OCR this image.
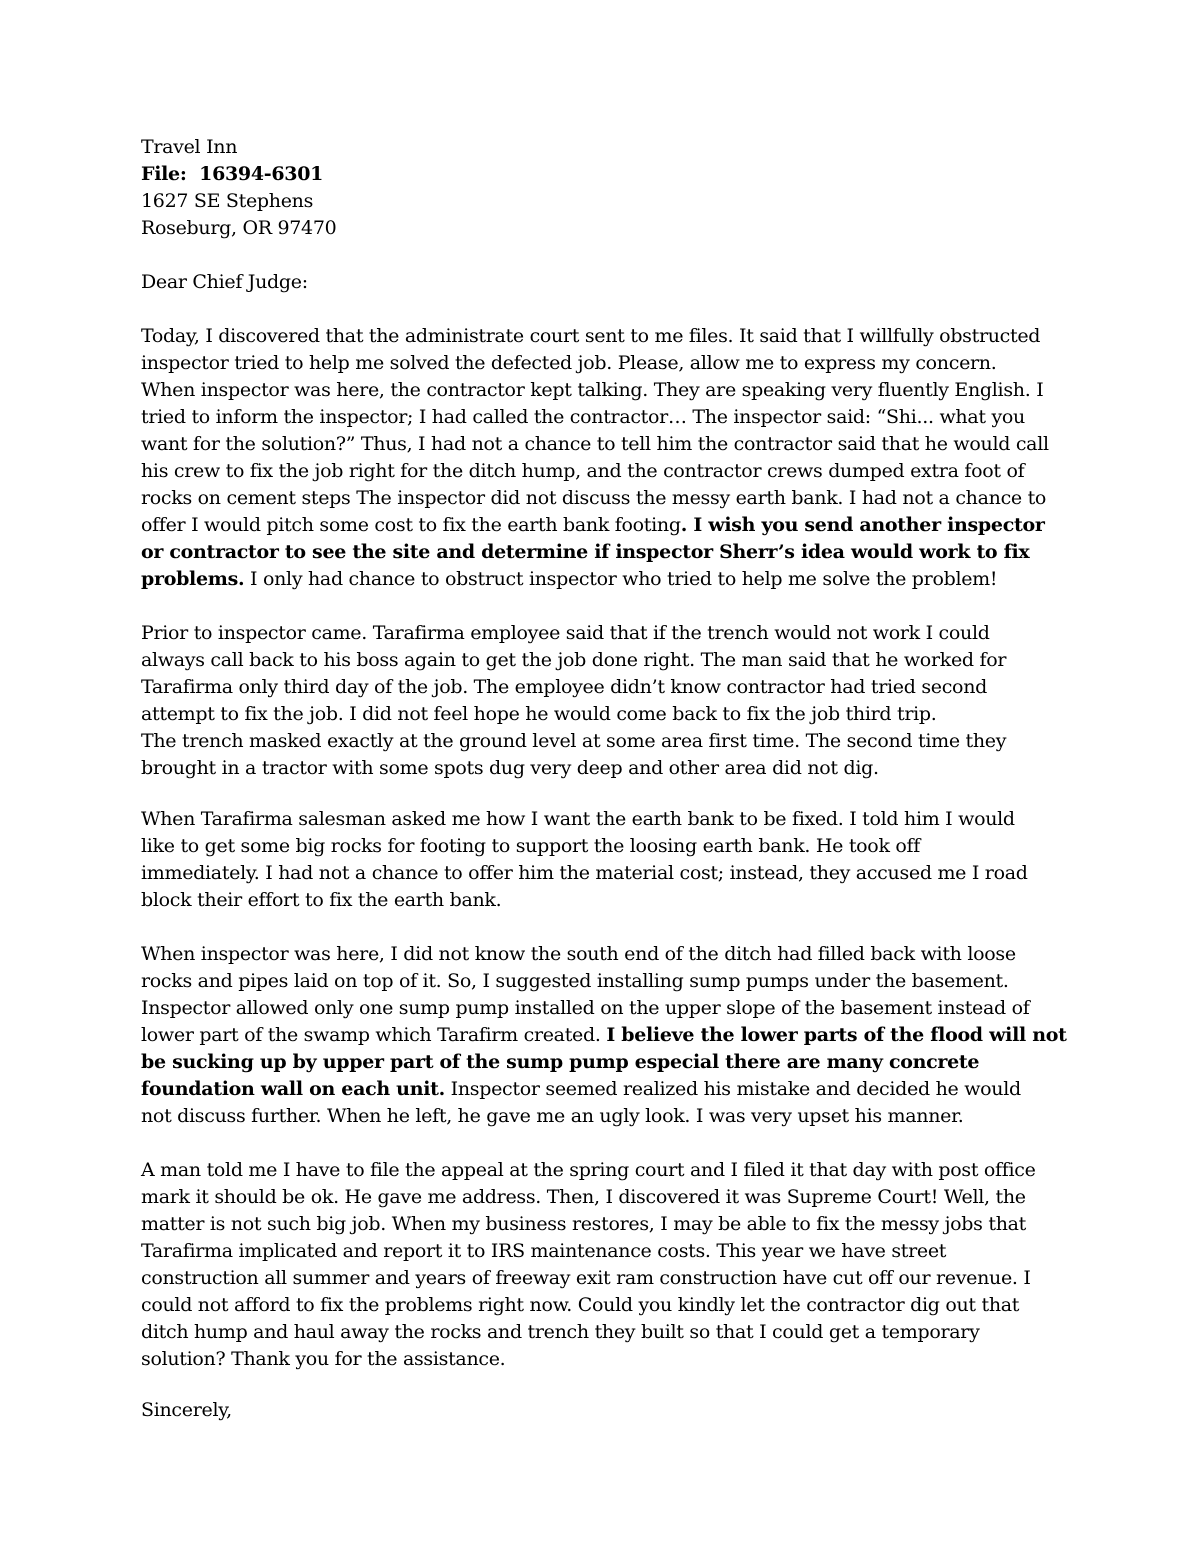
Travel Inn
File: 16394-6301
1627 SE Stephens
Roseburg, OR 97470
Dear Chief Judge:
Today, I discovered that the administrate court sent to me files. It said that I willfully obstructed
inspector tried to help me solved the defected job. Please, allow me to express my concern.
When inspector was here, the contractor kept talking. They are speaking very fluently English. I
tried to inform the inspector; I had called the contractor… The inspector said: “Shi... what you
want for the solution?” Thus, I had not a chance to tell him the contractor said that he would call
his crew to fix the job right for the ditch hump, and the contractor crews dumped extra foot of
rocks on cement steps The inspector did not discuss the messy earth bank. I had not a chance to
offer I would pitch some cost to fix the earth bank footing. I wish you send another inspector
or contractor to see the site and determine if inspector Sherr’s idea would work to fix
problems. I only had chance to obstruct inspector who tried to help me solve the problem!
Prior to inspector came. Tarafirma employee said that if the trench would not work I could
always call back to his boss again to get the job done right. The man said that he worked for
Tarafirma only third day of the job. The employee didn’t know contractor had tried second
attempt to fix the job. I did not feel hope he would come back to fix the job third trip.
The trench masked exactly at the ground level at some area first time. The second time they
brought in a tractor with some spots dug very deep and other area did not dig.
When Tarafirma salesman asked me how I want the earth bank to be fixed. I told him I would
like to get some big rocks for footing to support the loosing earth bank. He took off
immediately. I had not a chance to offer him the material cost; instead, they accused me I road
block their effort to fix the earth bank.
When inspector was here, I did not know the south end of the ditch had filled back with loose
rocks and pipes laid on top of it. So, I suggested installing sump pumps under the basement.
Inspector allowed only one sump pump installed on the upper slope of the basement instead of
lower part of the swamp which Tarafirm created. I believe the lower parts of the flood will not
be sucking up by upper part of the sump pump especial there are many concrete
foundation wall on each unit. Inspector seemed realized his mistake and decided he would
not discuss further. When he left, he gave me an ugly look. I was very upset his manner.
A man told me I have to file the appeal at the spring court and I filed it that day with post office
mark it should be ok. He gave me address. Then, I discovered it was Supreme Court! Well, the
matter is not such big job. When my business restores, I may be able to fix the messy jobs that
Tarafirma implicated and report it to IRS maintenance costs. This year we have street
construction all summer and years of freeway exit ram construction have cut off our revenue. I
could not afford to fix the problems right now. Could you kindly let the contractor dig out that
ditch hump and haul away the rocks and trench they built so that I could get a temporary
solution? Thank you for the assistance.
Sincerely,
